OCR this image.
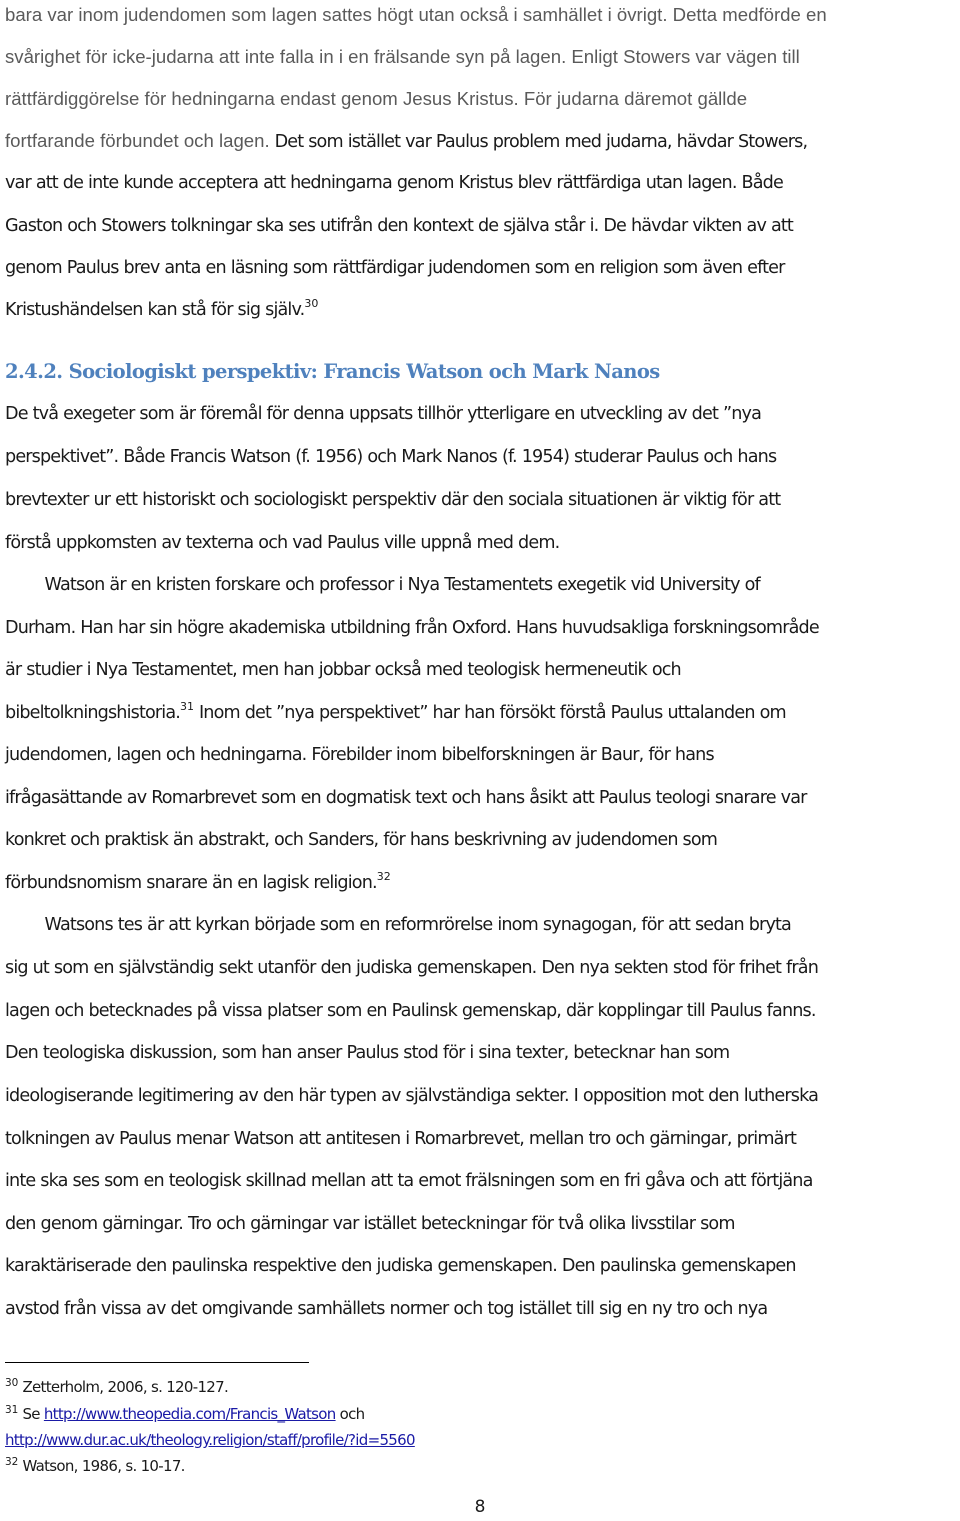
bara var inom judendomen som lagen sattes högt utan också i samhället i övrigt. Detta medförde en
svårighet för icke-judarna att inte falla in i en frälsande syn på lagen. Enligt Stowers var vägen till
rättfärdiggörelse för hedningarna endast genom Jesus Kristus. För judarna däremot gällde
fortfarande förbundet och lagen. Det som istället var Paulus problem med judarna, hävdar Stowers,
var att de inte kunde acceptera att hedningarna genom Kristus blev rättfärdiga utan lagen. Både
Gaston och Stowers tolkningar ska ses utifrån den kontext de själva står i. De hävdar vikten av att
genom Paulus brev anta en läsning som rättfärdigar judendomen som en religion som även efter
Kristushändelsen kan stå för sig själv.$^{30}$
2.4.2. Sociologiskt perspektiv: Francis Watson och Mark Nanos
De två exegeter som är föremål för denna uppsats tillhör ytterligare en utveckling av det ”nya
perspektivet”. Både Francis Watson (f. 1956) och Mark Nanos (f. 1954) studerar Paulus och hans
brevtexter ur ett historiskt och sociologiskt perspektiv där den sociala situationen är viktig för att
förstå uppkomsten av texterna och vad Paulus ville uppnå med dem.
Watson är en kristen forskare och professor i Nya Testamentets exegetik vid University of
Durham. Han har sin högre akademiska utbildning från Oxford. Hans huvudsakliga forskningsområde
är studier i Nya Testamentet, men han jobbar också med teologisk hermeneutik och
bibeltolkningshistoria.$^{31}$ Inom det ”nya perspektivet” har han försökt förstå Paulus uttalanden om
judendomen, lagen och hedningarna. Förebilder inom bibelforskningen är Baur, för hans
ifrågasättande av Romarbrevet som en dogmatisk text och hans åsikt att Paulus teologi snarare var
konkret och praktisk än abstrakt, och Sanders, för hans beskrivning av judendomen som
förbundsnomism snarare än en lagisk religion.$^{32}$
Watsons tes är att kyrkan började som en reformrörelse inom synagogan, för att sedan bryta
sig ut som en självständig sekt utanför den judiska gemenskapen. Den nya sekten stod för frihet från
lagen och betecknades på vissa platser som en Paulinsk gemenskap, där kopplingar till Paulus fanns.
Den teologiska diskussion, som han anser Paulus stod för i sina texter, betecknar han som
ideologiserande legitimering av den här typen av självständiga sekter. I opposition mot den lutherska
tolkningen av Paulus menar Watson att antitesen i Romarbrevet, mellan tro och gärningar, primärt
inte ska ses som en teologisk skillnad mellan att ta emot frälsningen som en fri gåva och att förtjäna
den genom gärningar. Tro och gärningar var istället beteckningar för två olika livsstilar som
karaktäriserade den paulinska respektive den judiska gemenskapen. Den paulinska gemenskapen
avstod från vissa av det omgivande samhällets normer och tog istället till sig en ny tro och nya
$^{30}$ Zetterholm, 2006, s. 120-127.
$^{31}$ Se http://www.theopedia.com/Francis_Watson och
http://www.dur.ac.uk/theology.religion/staff/profile/?id=5560
$^{32}$ Watson, 1986, s. 10-17.
8
